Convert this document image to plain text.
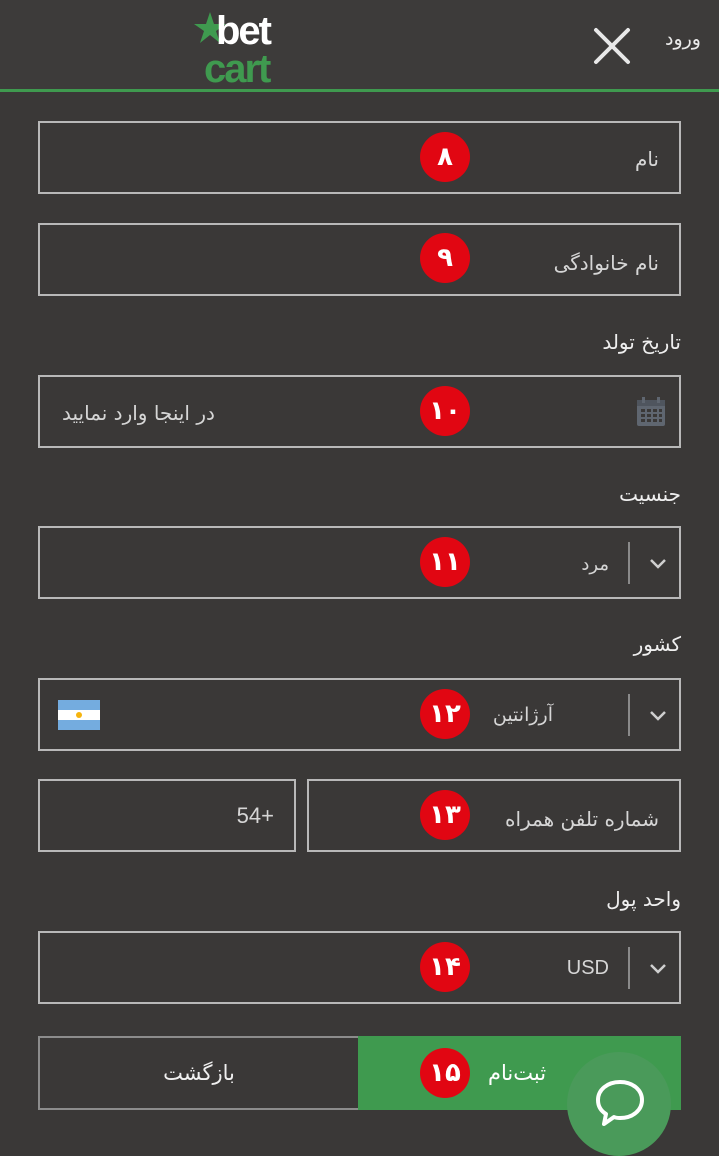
bet
cart
ورود
نام
۸
نام خانوادگی
۹
تاریخ تولد
در اینجا وارد نمایید	۱۰
جنسیت
مرد
۱۱
کشور
آرژانتین
۱۲
54+	شماره تلفن همراه
۱۳
واحد پول
USD
۱۴
بازگشت	ثبت‌نام
۱۵
